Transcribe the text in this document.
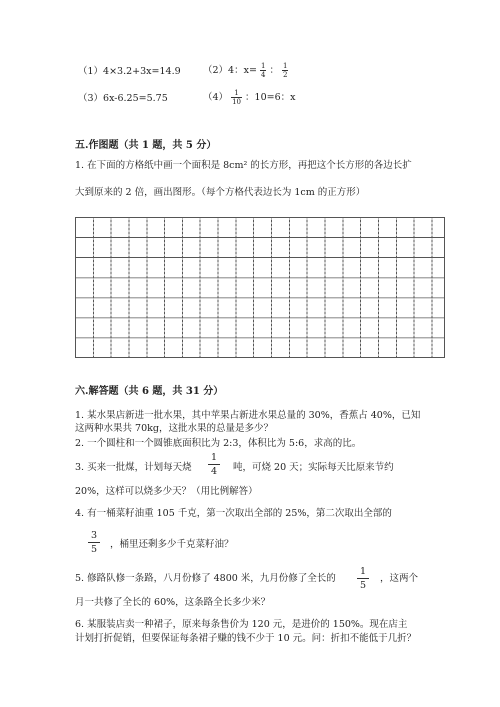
（1）4×3.2+3x=14.9 （2）4：$x= \frac{1}{4}$ ： $\frac{1}{2}$
（3）6x-6.25=5.75	$(4) \frac{1}{10}$ ：10=6：x
五.作图题（共 1 题，共 5 分）
1. 在下面的方格纸中画一个面积是 8cm² 的长方形，再把这个长方形的各边长扩
大到原来的 2 倍，画出图形。（每个方格代表边长为 1cm 的正方形）
六.解答题（共 6 题，共 31 分）
1. 某水果店新进一批水果，其中苹果占新进水果总量的 30%，香蕉占 40%，已知
这两种水果共 70kg，这批水果的总量是多少？
2. 一个圆柱和一个圆锥底面积比为 2:3，体积比为 5:6，求高的比。
3. 买来一批煤，计划每天烧 $\frac{1}{4}$ 吨，可烧 20 天；实际每天比原来节约
20%，这样可以烧多少天？（用比例解答）
4. 有一桶菜籽油重 105 千克，第一次取出全部的 25%，第二次取出全部的
$\frac{3}{5}$ ，桶里还剩多少千克菜籽油？
5. 修路队修一条路，八月份修了 4800 米，九月份修了全长的 $\frac{1}{5}$ ，这两个
月一共修了全长的 60%，这条路全长多少米？
6. 某服装店卖一种裙子，原来每条售价为 120 元，是进价的 150%。现在店主
计划打折促销，但要保证每条裙子赚的钱不少于 10 元。问：折扣不能低于几折？
